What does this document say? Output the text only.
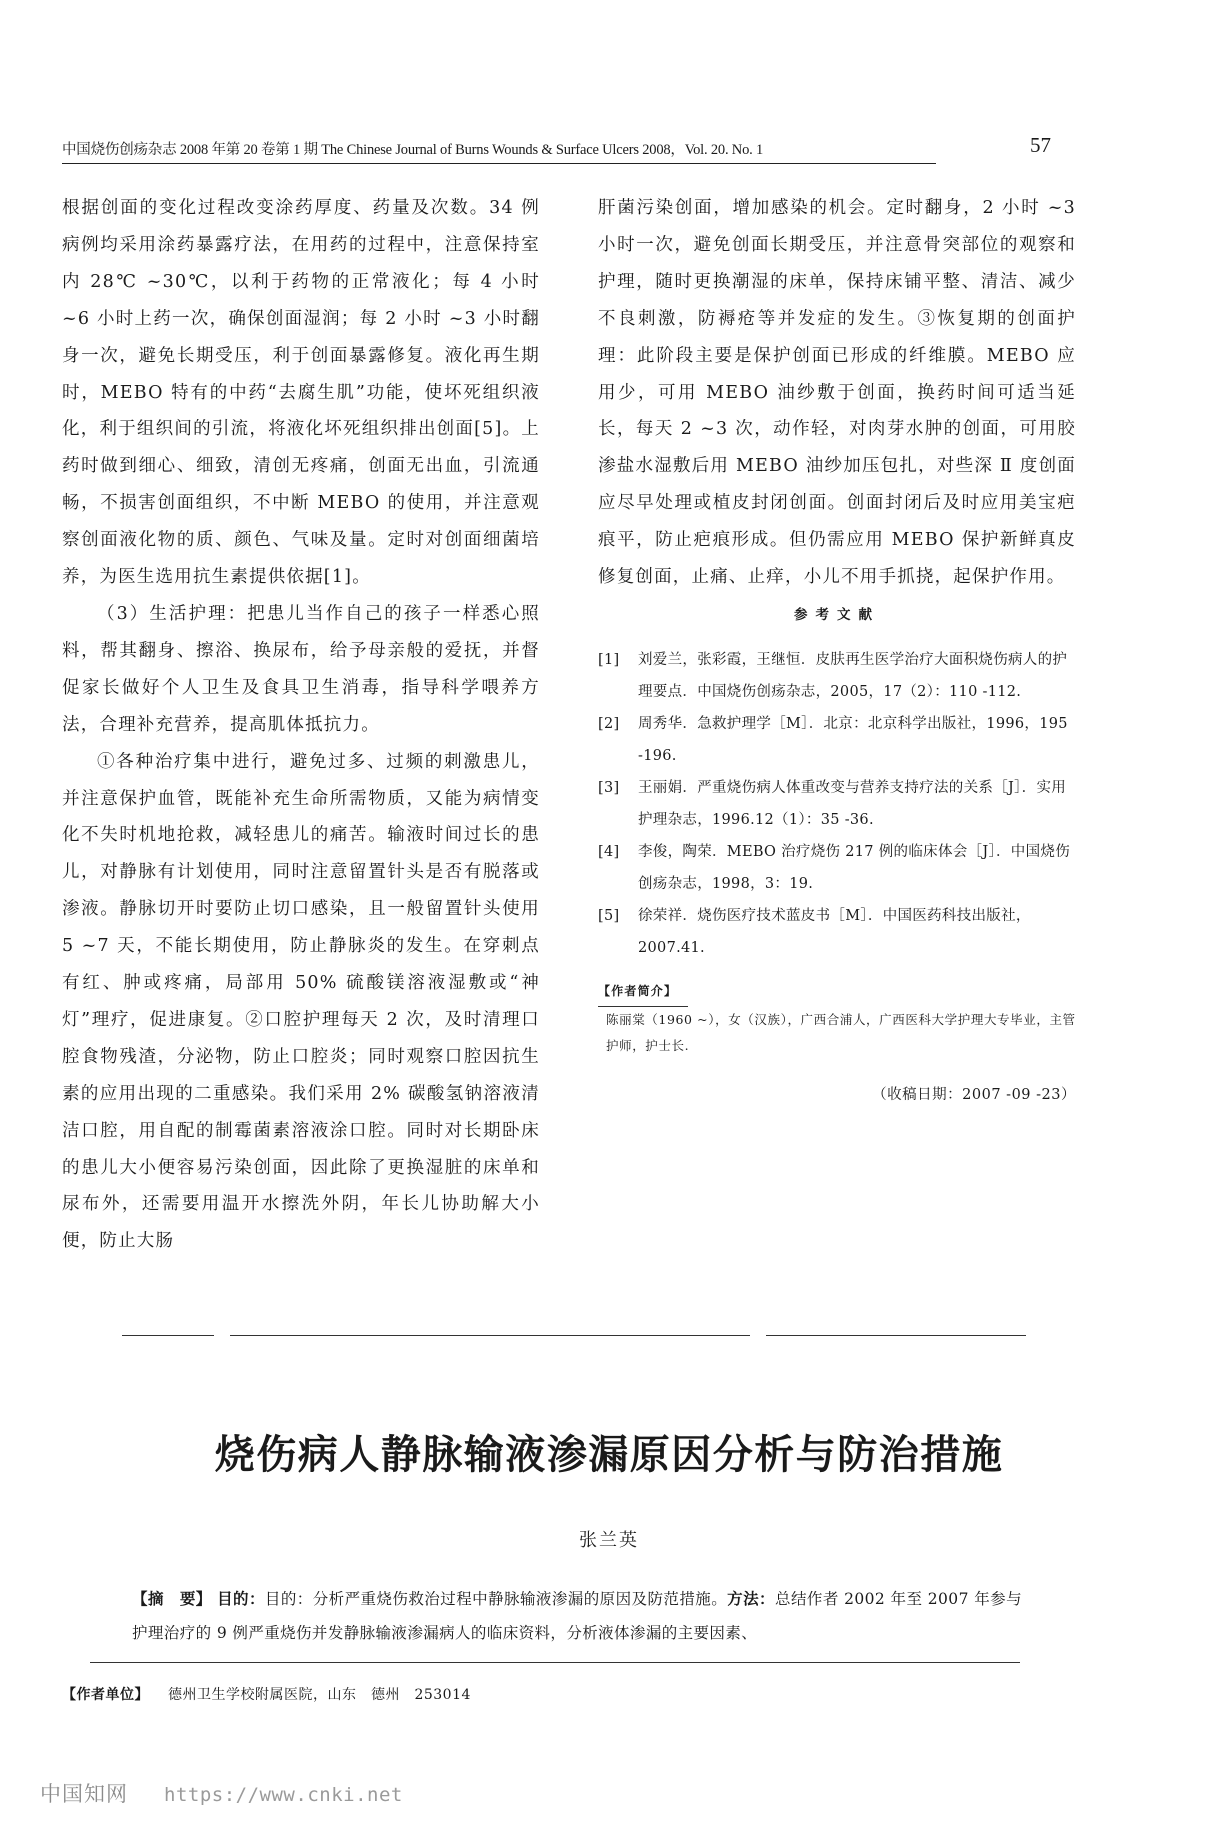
中国烧伤创疡杂志 2008 年第 20 卷第 1 期 The Chinese Journal of Burns Wounds & Surface Ulcers 2008，Vol. 20. No. 1	57

根据创面的变化过程改变涂药厚度、药量及次数。34 例病例均采用涂药暴露疗法，在用药的过程中，注意保持室内 28℃ ~30℃，以利于药物的正常液化；每 4 小时 ~6 小时上药一次，确保创面湿润；每 2 小时 ~3 小时翻身一次，避免长期受压，利于创面暴露修复。液化再生期时，MEBO 特有的中药“去腐生肌”功能，使坏死组织液化，利于组织间的引流，将液化坏死组织排出创面[5]。上药时做到细心、细致，清创无疼痛，创面无出血，引流通畅，不损害创面组织，不中断 MEBO 的使用，并注意观察创面液化物的质、颜色、气味及量。定时对创面细菌培养，为医生选用抗生素提供依据[1]。

（3）生活护理：把患儿当作自己的孩子一样悉心照料，帮其翻身、擦浴、换尿布，给予母亲般的爱抚，并督促家长做好个人卫生及食具卫生消毒，指导科学喂养方法，合理补充营养，提高肌体抵抗力。

①各种治疗集中进行，避免过多、过频的刺激患儿，并注意保护血管，既能补充生命所需物质，又能为病情变化不失时机地抢救，减轻患儿的痛苦。输液时间过长的患儿，对静脉有计划使用，同时注意留置针头是否有脱落或渗液。静脉切开时要防止切口感染，且一般留置针头使用 5 ~7 天，不能长期使用，防止静脉炎的发生。在穿刺点有红、肿或疼痛，局部用 50% 硫酸镁溶液湿敷或“神灯”理疗，促进康复。②口腔护理每天 2 次，及时清理口腔食物残渣，分泌物，防止口腔炎；同时观察口腔因抗生素的应用出现的二重感染。我们采用 2% 碳酸氢钠溶液清洁口腔，用自配的制霉菌素溶液涂口腔。同时对长期卧床的患儿大小便容易污染创面，因此除了更换湿脏的床单和尿布外，还需要用温开水擦洗外阴，年长儿协助解大小便，防止大肠

肝菌污染创面，增加感染的机会。定时翻身，2 小时 ~3 小时一次，避免创面长期受压，并注意骨突部位的观察和护理，随时更换潮湿的床单，保持床铺平整、清洁、减少不良刺激，防褥疮等并发症的发生。③恢复期的创面护理：此阶段主要是保护创面已形成的纤维膜。MEBO 应用少，可用 MEBO 油纱敷于创面，换药时间可适当延长，每天 2 ~3 次，动作轻，对肉芽水肿的创面，可用胶渗盐水湿敷后用 MEBO 油纱加压包扎，对些深 Ⅱ 度创面应尽早处理或植皮封闭创面。创面封闭后及时应用美宝疤痕平，防止疤痕形成。但仍需应用 MEBO 保护新鲜真皮修复创面，止痛、止痒，小儿不用手抓挠，起保护作用。

参考文献
[1]	刘爱兰，张彩霞，王继恒．皮肤再生医学治疗大面积烧伤病人的护理要点．中国烧伤创疡杂志，2005，17（2）：110 -112.
[2]	周秀华．急救护理学［M］．北京：北京科学出版社，1996，195 -196.
[3]	王丽娟．严重烧伤病人体重改变与营养支持疗法的关系［J］．实用护理杂志，1996.12（1）：35 -36.
[4]	李俊，陶荣．MEBO 治疗烧伤 217 例的临床体会［J］．中国烧伤创疡杂志，1998，3：19.
[5]	徐荣祥．烧伤医疗技术蓝皮书［M］．中国医药科技出版社，2007.41.
【作者简介】
陈丽棠（1960 ~），女（汉族），广西合浦人，广西医科大学护理大专毕业，主管护师，护士长.
（收稿日期：2007 -09 -23）
烧伤病人静脉输液渗漏原因分析与防治措施
张兰英
【摘　要】 目的：目的：分析严重烧伤救治过程中静脉输液渗漏的原因及防范措施。方法：总结作者 2002 年至 2007 年参与护理治疗的 9 例严重烧伤并发静脉输液渗漏病人的临床资料，分析液体渗漏的主要因素、
【作者单位】 德州卫生学校附属医院，山东　德州　253014
中国知网 https://www.cnki.net
